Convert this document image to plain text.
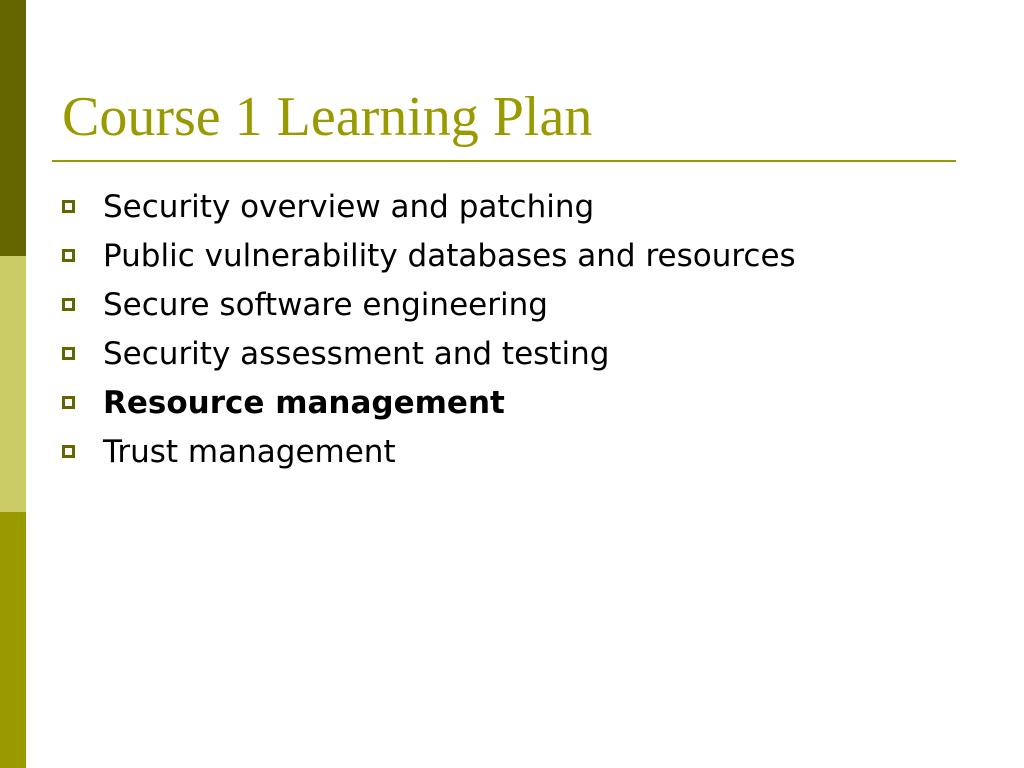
Course 1 Learning Plan
Security overview and patching
Public vulnerability databases and resources
Secure software engineering
Security assessment and testing
Resource management
Trust management
